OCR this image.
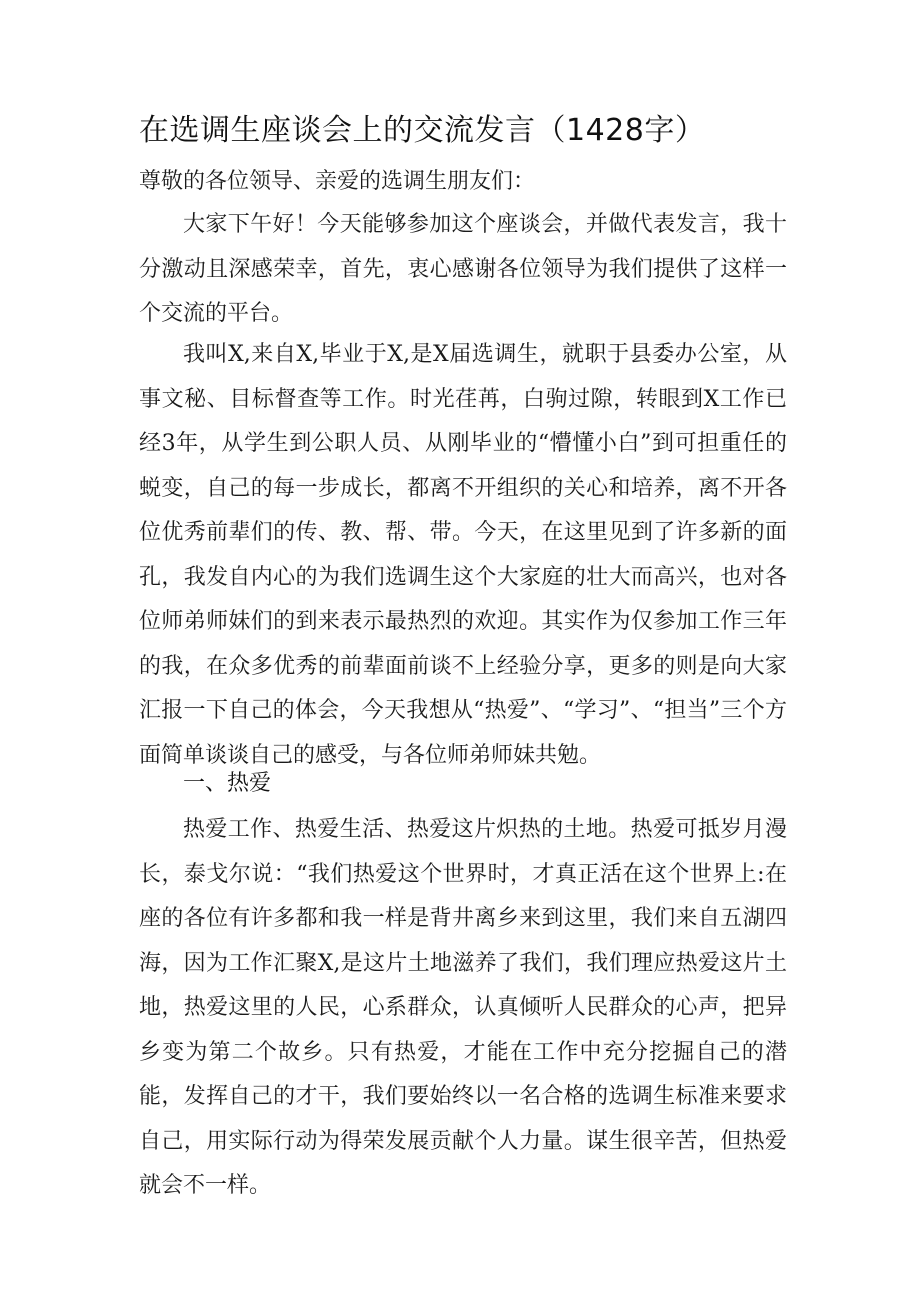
在选调生座谈会上的交流发言（1428字）
尊敬的各位领导、亲爱的选调生朋友们：
大家下午好！今天能够参加这个座谈会，并做代表发言，我十分激动且深感荣幸，首先，衷心感谢各位领导为我们提供了这样一个交流的平台。
我叫X,来自X,毕业于X,是X届选调生，就职于县委办公室，从事文秘、目标督查等工作。时光荏苒，白驹过隙，转眼到X工作已经3年，从学生到公职人员、从刚毕业的“懵懂小白”到可担重任的蜕变，自己的每一步成长，都离不开组织的关心和培养，离不开各位优秀前辈们的传、教、帮、带。今天，在这里见到了许多新的面孔，我发自内心的为我们选调生这个大家庭的壮大而高兴，也对各位师弟师妹们的到来表示最热烈的欢迎。其实作为仅参加工作三年的我，在众多优秀的前辈面前谈不上经验分享，更多的则是向大家汇报一下自己的体会，今天我想从“热爱”、“学习”、“担当”三个方面简单谈谈自己的感受，与各位师弟师妹共勉。
一、热爱
热爱工作、热爱生活、热爱这片炽热的土地。热爱可抵岁月漫长，泰戈尔说：“我们热爱这个世界时，才真正活在这个世界上:在座的各位有许多都和我一样是背井离乡来到这里，我们来自五湖四海，因为工作汇聚X,是这片土地滋养了我们，我们理应热爱这片土地，热爱这里的人民，心系群众，认真倾听人民群众的心声，把异乡变为第二个故乡。只有热爱，才能在工作中充分挖掘自己的潜能，发挥自己的才干，我们要始终以一名合格的选调生标准来要求自己，用实际行动为得荣发展贡献个人力量。谋生很辛苦，但热爱就会不一样。
